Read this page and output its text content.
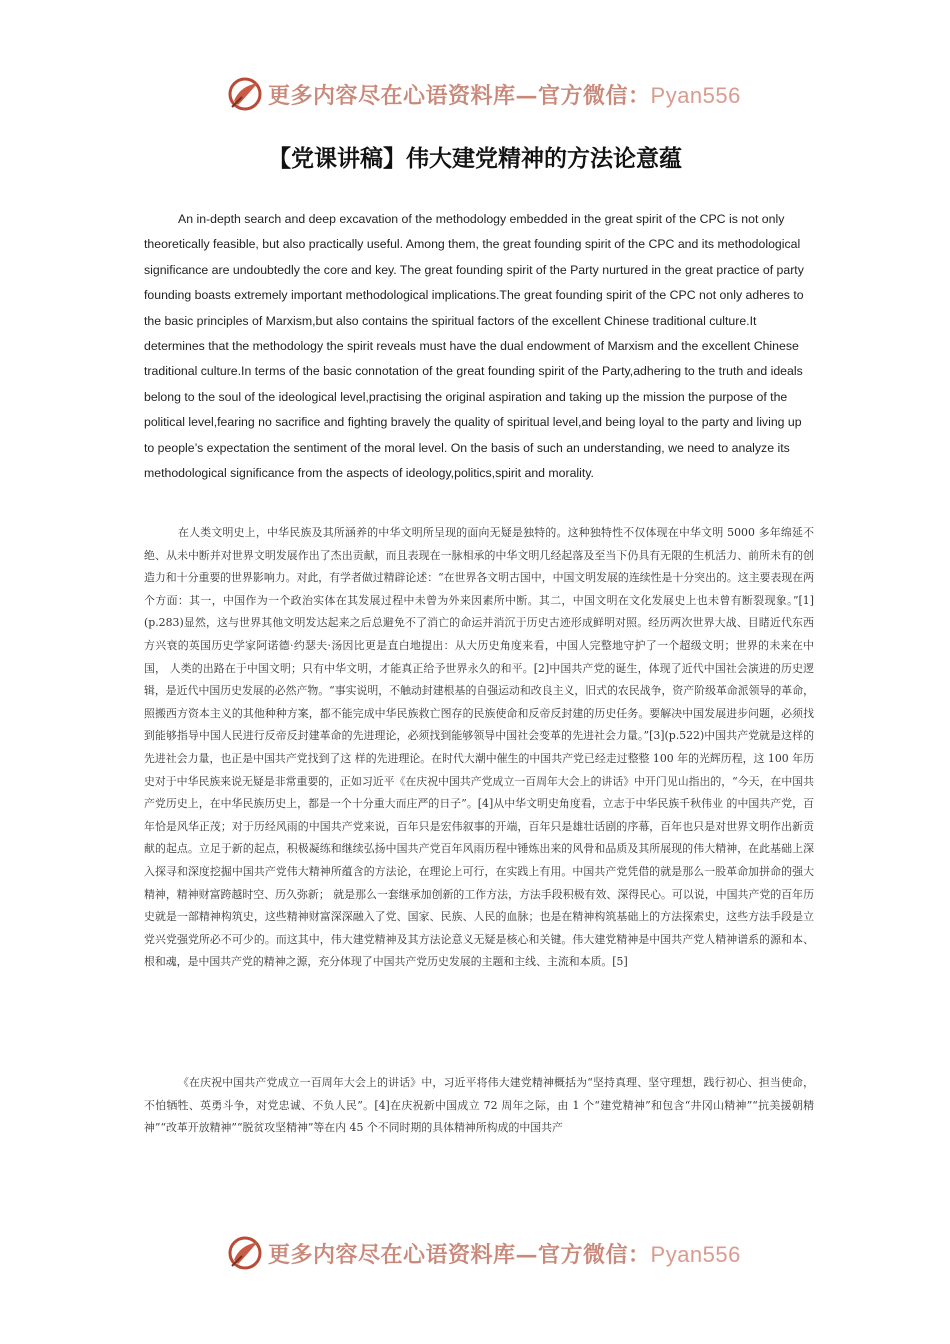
更多内容尽在心语资料库—官方微信：Pyan556
【党课讲稿】伟大建党精神的方法论意蕴

An in-depth search and deep excavation of the methodology embedded in the great spirit of the CPC is not only theoretically feasible, but also practically useful. Among them, the great founding spirit of the CPC and its methodological significance are undoubtedly the core and key. The great founding spirit of the Party nurtured in the great practice of party founding boasts extremely important methodological implications.The great founding spirit of the CPC not only adheres to the basic principles of Marxism,but also contains the spiritual factors of the excellent Chinese traditional culture.It determines that the methodology the spirit reveals must have the dual endowment of Marxism and the excellent Chinese traditional culture.In terms of the basic connotation of the great founding spirit of the Party,adhering to the truth and ideals belong to the soul of the ideological level,practising the original aspiration and taking up the mission the purpose of the political level,fearing no sacrifice and fighting bravely the quality of spiritual level,and being loyal to the party and living up to people’s expectation the sentiment of the moral level. On the basis of such an understanding, we need to analyze its methodological significance from the aspects of ideology,politics,spirit and morality.

在人类文明史上，中华民族及其所涵养的中华文明所呈现的面向无疑是独特的。这种独特性不仅体现在中华文明 5000 多年绵延不绝、从未中断并对世界文明发展作出了杰出贡献，而且表现在一脉相承的中华文明几经起落及至当下仍具有无限的生机活力、前所未有的创造力和十分重要的世界影响力。对此，有学者做过精辟论述：“在世界各文明古国中，中国文明发展的连续性是十分突出的。这主要表现在两个方面：其一，中国作为一个政治实体在其发展过程中未曾为外来因素所中断。其二，中国文明在文化发展史上也未曾有断裂现象。”[1](p.283)显然，这与世界其他文明发达起来之后总避免不了消亡的命运并消沉于历史古迹形成鲜明对照。经历两次世界大战、目睹近代东西方兴衰的英国历史学家阿诺德·约瑟夫·汤因比更是直白地提出：从大历史角度来看，中国人完整地守护了一个超级文明；世界的未来在中国， 人类的出路在于中国文明；只有中华文明，才能真正给予世界永久的和平。[2]中国共产党的诞生，体现了近代中国社会演进的历史逻辑，是近代中国历史发展的必然产物。“事实说明，不触动封建根基的自强运动和改良主义，旧式的农民战争，资产阶级革命派领导的革命，照搬西方资本主义的其他种种方案，都不能完成中华民族救亡图存的民族使命和反帝反封建的历史任务。要解决中国发展进步问题，必须找到能够指导中国人民进行反帝反封建革命的先进理论，必须找到能够领导中国社会变革的先进社会力量。”[3](p.522)中国共产党就是这样的先进社会力量，也正是中国共产党找到了这 样的先进理论。在时代大潮中催生的中国共产党已经走过整整 100 年的光辉历程，这 100 年历史对于中华民族来说无疑是非常重要的，正如习近平《在庆祝中国共产党成立一百周年大会上的讲话》中开门见山指出的，“今天，在中国共产党历史上，在中华民族历史上，都是一个十分重大而庄严的日子”。[4]从中华文明史角度看，立志于中华民族千秋伟业 的中国共产党，百年恰是风华正茂；对于历经风雨的中国共产党来说，百年只是宏伟叙事的开端，百年只是雄壮话剧的序幕，百年也只是对世界文明作出新贡献的起点。立足于新的起点，积极凝练和继续弘扬中国共产党百年风雨历程中锤炼出来的风骨和品质及其所展现的伟大精神，在此基础上深入探寻和深度挖掘中国共产党伟大精神所蕴含的方法论，在理论上可行，在实践上有用。中国共产党凭借的就是那么一股革命加拼命的强大精神，精神财富跨越时空、历久弥新； 就是那么一套继承加创新的工作方法，方法手段积极有效、深得民心。可以说，中国共产党的百年历史就是一部精神构筑史，这些精神财富深深融入了党、国家、民族、人民的血脉；也是在精神构筑基础上的方法探索史，这些方法手段是立党兴党强党所必不可少的。而这其中，伟大建党精神及其方法论意义无疑是核心和关键。伟大建党精神是中国共产党人精神谱系的源和本、根和魂，是中国共产党的精神之源，充分体现了中国共产党历史发展的主题和主线、主流和本质。[5]

《在庆祝中国共产党成立一百周年大会上的讲话》中，习近平将伟大建党精神概括为“坚持真理、坚守理想，践行初心、担当使命，不怕牺牲、英勇斗争，对党忠诚、不负人民”。[4]在庆祝新中国成立 72 周年之际，由 1 个“建党精神”和包含“井冈山精神”“抗美援朝精神”“改革开放精神”“脱贫攻坚精神”等在内 45 个不同时期的具体精神所构成的中国共产

更多内容尽在心语资料库—官方微信：Pyan556
